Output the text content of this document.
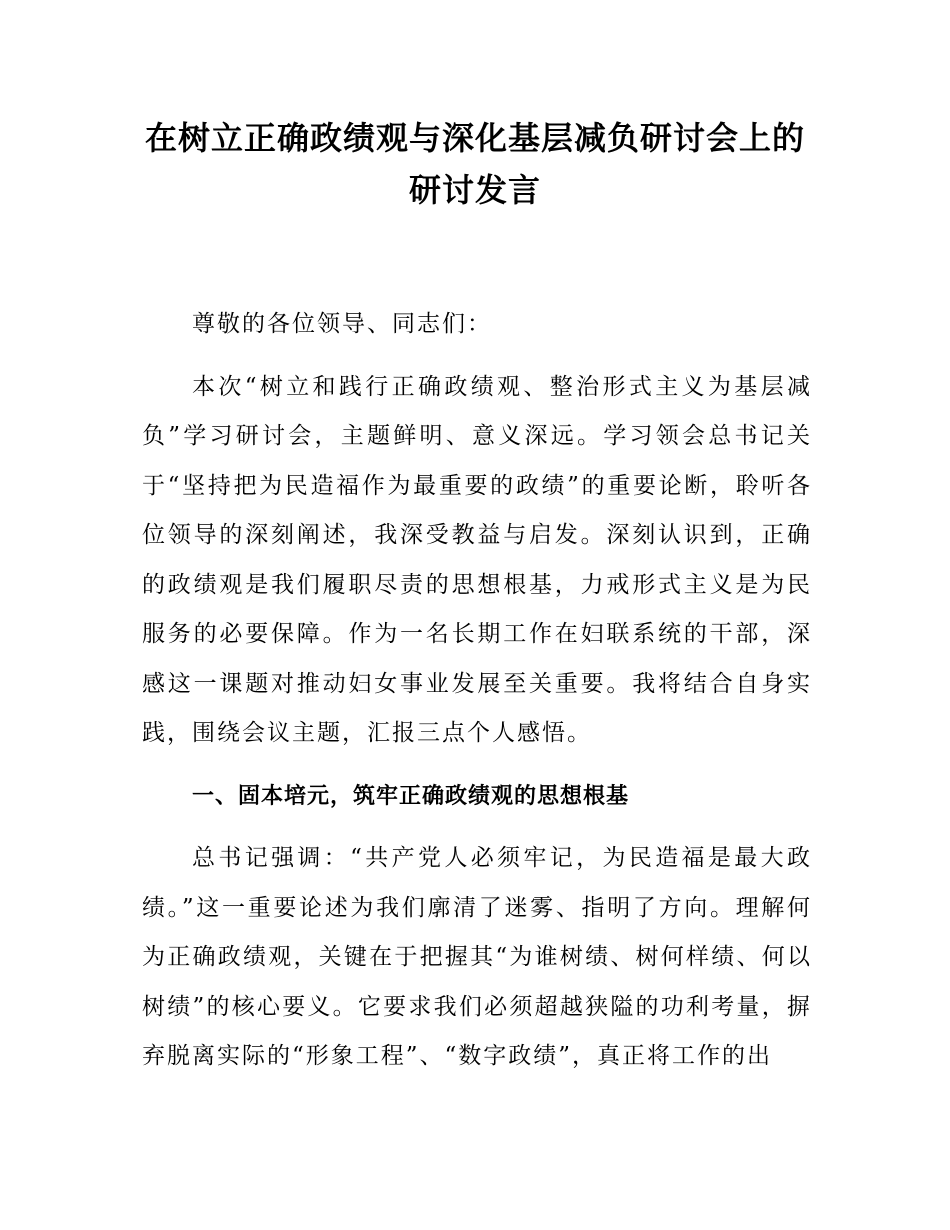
在树立正确政绩观与深化基层减负研讨会上的研讨发言

尊敬的各位领导、同志们：

本次“树立和践行正确政绩观、整治形式主义为基层减负”学习研讨会，主题鲜明、意义深远。学习领会总书记关于“坚持把为民造福作为最重要的政绩”的重要论断，聆听各位领导的深刻阐述，我深受教益与启发。深刻认识到，正确的政绩观是我们履职尽责的思想根基，力戒形式主义是为民服务的必要保障。作为一名长期工作在妇联系统的干部，深感这一课题对推动妇女事业发展至关重要。我将结合自身实践，围绕会议主题，汇报三点个人感悟。

一、固本培元，筑牢正确政绩观的思想根基

总书记强调：“共产党人必须牢记，为民造福是最大政绩。”这一重要论述为我们廓清了迷雾、指明了方向。理解何为正确政绩观，关键在于把握其“为谁树绩、树何样绩、何以树绩”的核心要义。它要求我们必须超越狭隘的功利考量，摒弃脱离实际的“形象工程”、“数字政绩”，真正将工作的出
